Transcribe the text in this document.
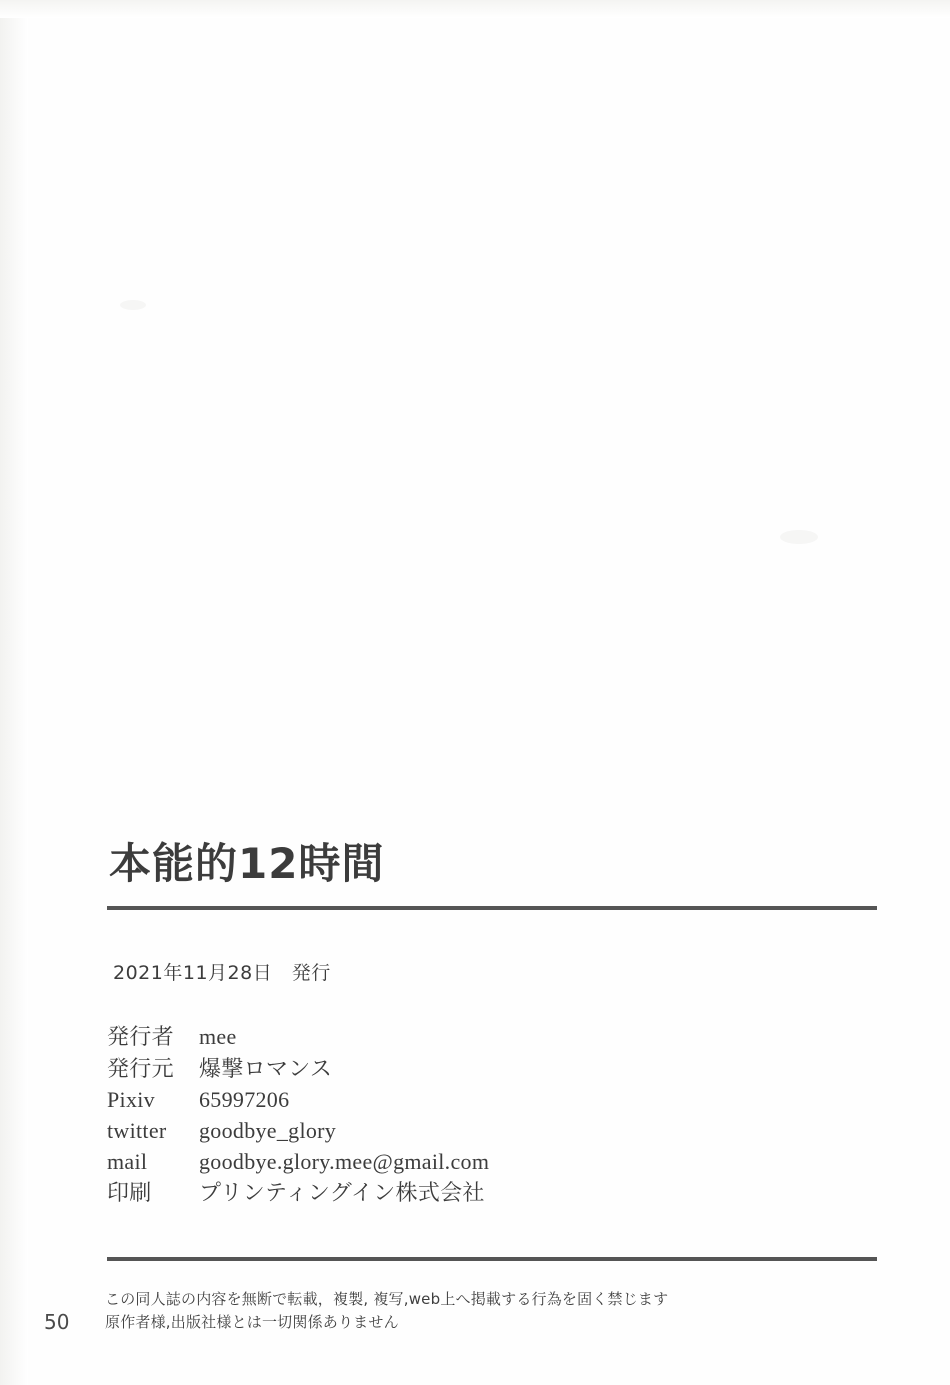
本能的12時間
2021年11月28日　発行
発行者	mee
発行元	爆撃ロマンス
Pixiv	65997206
twitter	goodbye_glory
mail	goodbye.glory.mee@gmail.com
印刷	プリンティングイン株式会社
この同人誌の内容を無断で転載，複製, 複写,web上へ掲載する行為を固く禁じます
原作者様,出版社様とは一切関係ありません
50
